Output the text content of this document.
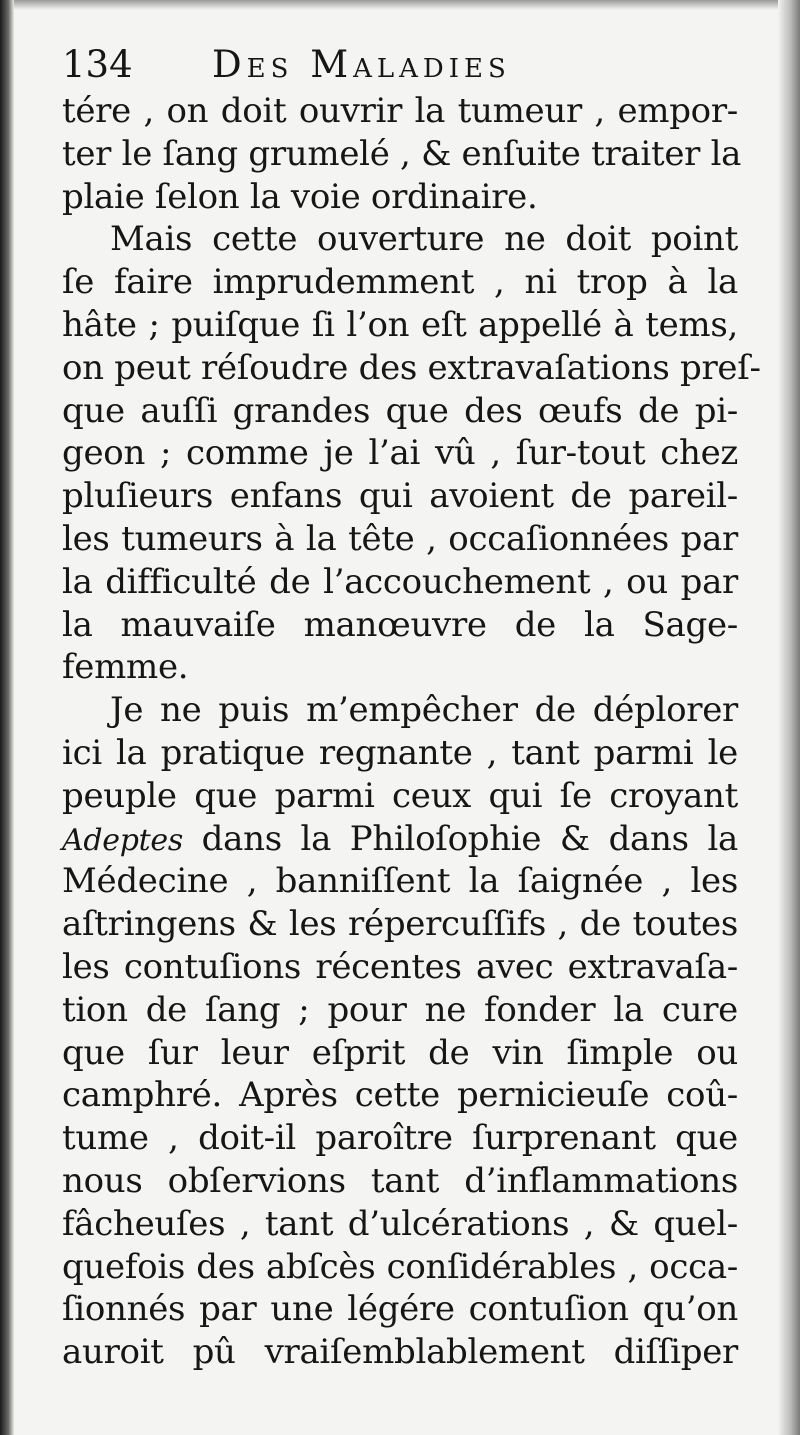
134 Des Maladies
tére , on doit ouvrir la tumeur , empor-
ter le ſang grumelé , & enſuite traiter la
plaie ſelon la voie ordinaire.
Mais cette ouverture ne doit point
ſe faire imprudemment , ni trop à la
hâte ; puiſque ſi l’on eſt appellé à tems,
on peut réſoudre des extravaſations preſ-
que auſſi grandes que des œufs de pi-
geon ; comme je l’ai vû , ſur-tout chez
pluſieurs enfans qui avoient de pareil-
les tumeurs à la tête , occaſionnées par
la difficulté de l’accouchement , ou par
la mauvaiſe manœuvre de la Sage-
femme.
Je ne puis m’empêcher de déplorer
ici la pratique regnante , tant parmi le
peuple que parmi ceux qui ſe croyant
Adeptes dans la Philoſophie & dans la
Médecine , banniſſent la ſaignée , les
aſtringens & les répercuſſifs , de toutes
les contuſions récentes avec extravaſa-
tion de ſang ; pour ne fonder la cure
que ſur leur eſprit de vin ſimple ou
camphré. Après cette pernicieuſe coû-
tume , doit-il paroître ſurprenant que
nous obſervions tant d’inflammations
fâcheuſes , tant d’ulcérations , & quel-
quefois des abſcès conſidérables , occa-
ſionnés par une légére contuſion qu’on
auroit pû vraiſemblablement diſſiper
